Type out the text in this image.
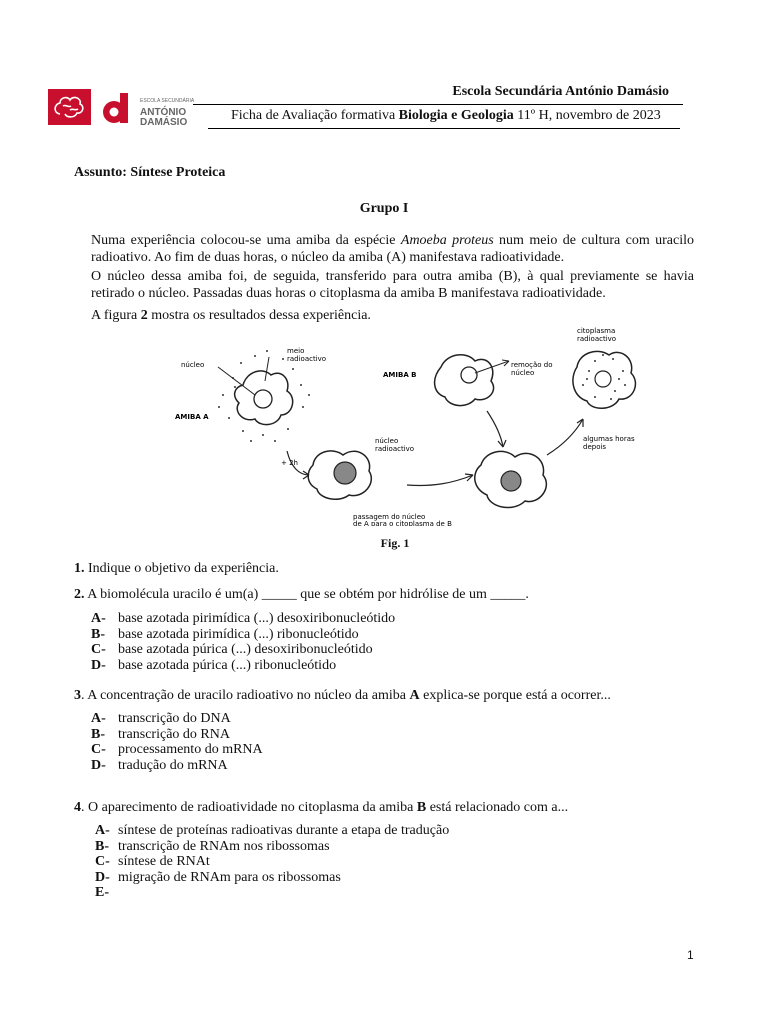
ESCOLA SECUNDÁRIA
ANTÓNIO
DAMÁSIO
Escola Secundária António Damásio
Ficha de Avaliação formativa Biologia e Geologia 11º H, novembro de 2023
Assunto: Síntese Proteica
Grupo I
Numa experiência colocou-se uma amiba da espécie Amoeba proteus num meio de cultura com uracilo radioativo. Ao fim de duas horas, o núcleo da amiba (A) manifestava radioatividade.
O núcleo dessa amiba foi, de seguida, transferido para outra amiba (B), à qual previamente se havia retirado o núcleo. Passadas duas horas o citoplasma da amiba B manifestava radioatividade.
A figura 2 mostra os resultados dessa experiência.
núcleo
meio
radioactivo
AMIBA A
+ 2h
núcleo
radioactivo
AMIBA B
remoção do
núcleo
passagem do núcleo
de A para o citoplasma de B
algumas horas
depois
citoplasma
radioactivo
Fig. 1
1. Indique o objetivo da experiência.
2. A biomolécula uracilo é um(a) _____ que se obtém por hidrólise de um _____.
A- base azotada pirimídica (...) desoxiribonucleótido
B- base azotada pirimídica (...) ribonucleótido
C- base azotada púrica (...) desoxiribonucleótido
D- base azotada púrica (...) ribonucleótido
3. A concentração de uracilo radioativo no núcleo da amiba A explica-se porque está a ocorrer...
A- transcrição do DNA
B- transcrição do RNA
C- processamento do mRNA
D- tradução do mRNA
4. O aparecimento de radioatividade no citoplasma da amiba B está relacionado com a...
A- síntese de proteínas radioativas durante a etapa de tradução
B- transcrição de RNAm nos ribossomas
C- síntese de RNAt
D- migração de RNAm para os ribossomas
E-
1
